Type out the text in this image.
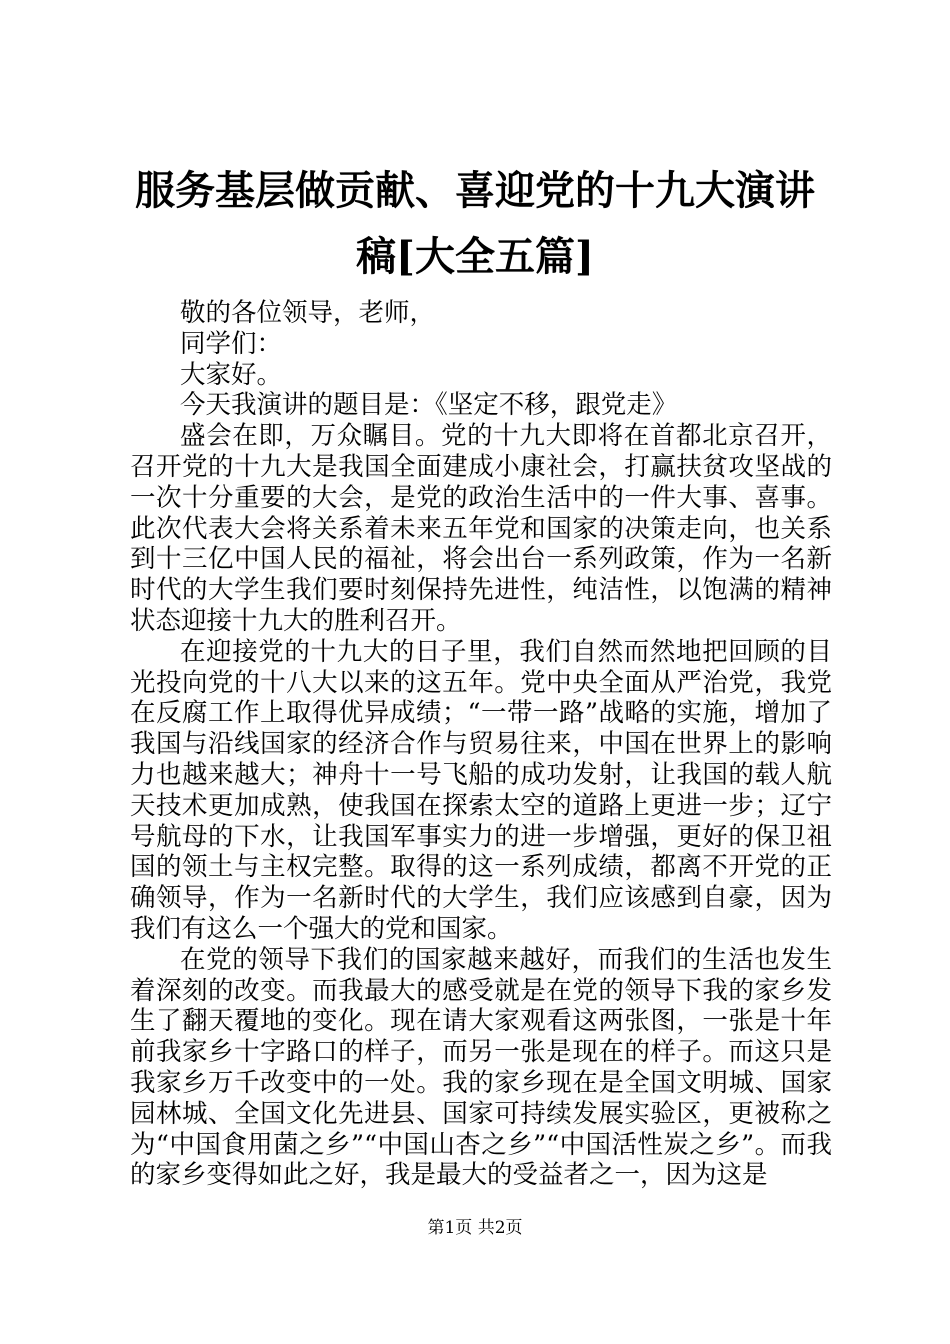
服务基层做贡献、喜迎党的十九大演讲稿[大全五篇]

敬的各位领导，老师，

同学们：

大家好。

今天我演讲的题目是：《坚定不移，跟党走》

盛会在即，万众瞩目。党的十九大即将在首都北京召开，召开党的十九大是我国全面建成小康社会，打赢扶贫攻坚战的一次十分重要的大会，是党的政治生活中的一件大事、喜事。此次代表大会将关系着未来五年党和国家的决策走向，也关系到十三亿中国人民的福祉，将会出台一系列政策，作为一名新时代的大学生我们要时刻保持先进性，纯洁性，以饱满的精神状态迎接十九大的胜利召开。

在迎接党的十九大的日子里，我们自然而然地把回顾的目光投向党的十八大以来的这五年。党中央全面从严治党，我党在反腐工作上取得优异成绩；“一带一路”战略的实施，增加了我国与沿线国家的经济合作与贸易往来，中国在世界上的影响力也越来越大；神舟十一号飞船的成功发射，让我国的载人航天技术更加成熟，使我国在探索太空的道路上更进一步；辽宁号航母的下水，让我国军事实力的进一步增强，更好的保卫祖国的领土与主权完整。取得的这一系列成绩，都离不开党的正确领导，作为一名新时代的大学生，我们应该感到自豪，因为我们有这么一个强大的党和国家。

在党的领导下我们的国家越来越好，而我们的生活也发生着深刻的改变。而我最大的感受就是在党的领导下我的家乡发生了翻天覆地的变化。现在请大家观看这两张图，一张是十年前我家乡十字路口的样子，而另一张是现在的样子。而这只是我家乡万千改变中的一处。我的家乡现在是全国文明城、国家园林城、全国文化先进县、国家可持续发展实验区，更被称之为“中国食用菌之乡”“中国山杏之乡”“中国活性炭之乡”。而我的家乡变得如此之好，我是最大的受益者之一，因为这是

第1页 共2页
